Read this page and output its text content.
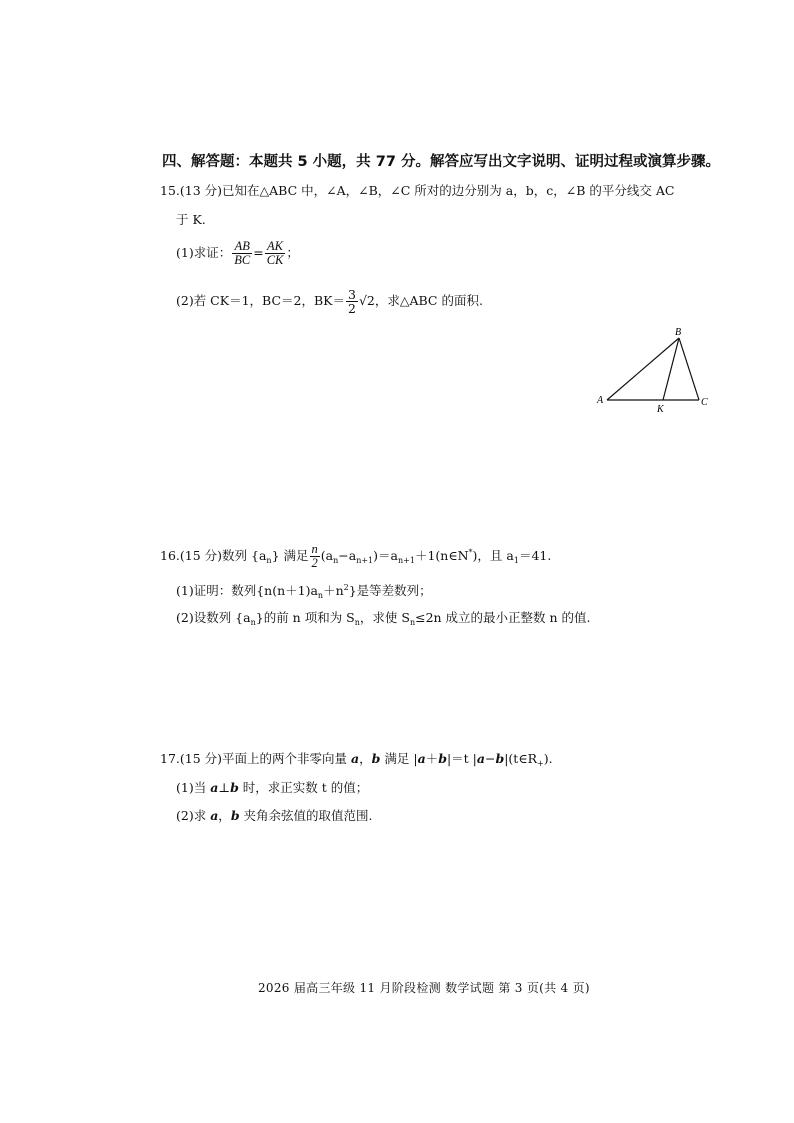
四、解答题：本题共 5 小题，共 77 分。解答应写出文字说明、证明过程或演算步骤。
15.(13 分)已知在△ABC 中，∠A，∠B，∠C 所对的边分别为 a，b，c，∠B 的平分线交 AC
于 K.
(1)求证： $\frac{AB}{BC} = \frac{AK}{CK}$ ；
(2)若 CK＝1，BC＝2，$BK= \frac{3}{2} √2$，求△ABC 的面积.
A
B
K
C
16.(15 分)数列 $\{a_n\}$ 满足 $\frac{n}{2}$ $(a_n-a_{n+1})=a_{n+1}+1(n\in N^*)$，且 $a_1=41$.
(1)证明：数列$\{n(n+1)a_n+n^2\}$是等差数列；
(2)设数列 $\{a_n\}$的前 n 项和为 $S_n$，求使 $S_n\le 2n$ 成立的最小正整数 n 的值.
17.(15 分)平面上的两个非零向量 a，b 满足 |a＋b|＝t $|a-b|(t\in R_+)$.
(1)当 a⊥b 时，求正实数 t 的值；
(2)求 a，b 夹角余弦值的取值范围.
2026 届高三年级 11 月阶段检测 数学试题 第 3 页(共 4 页)
